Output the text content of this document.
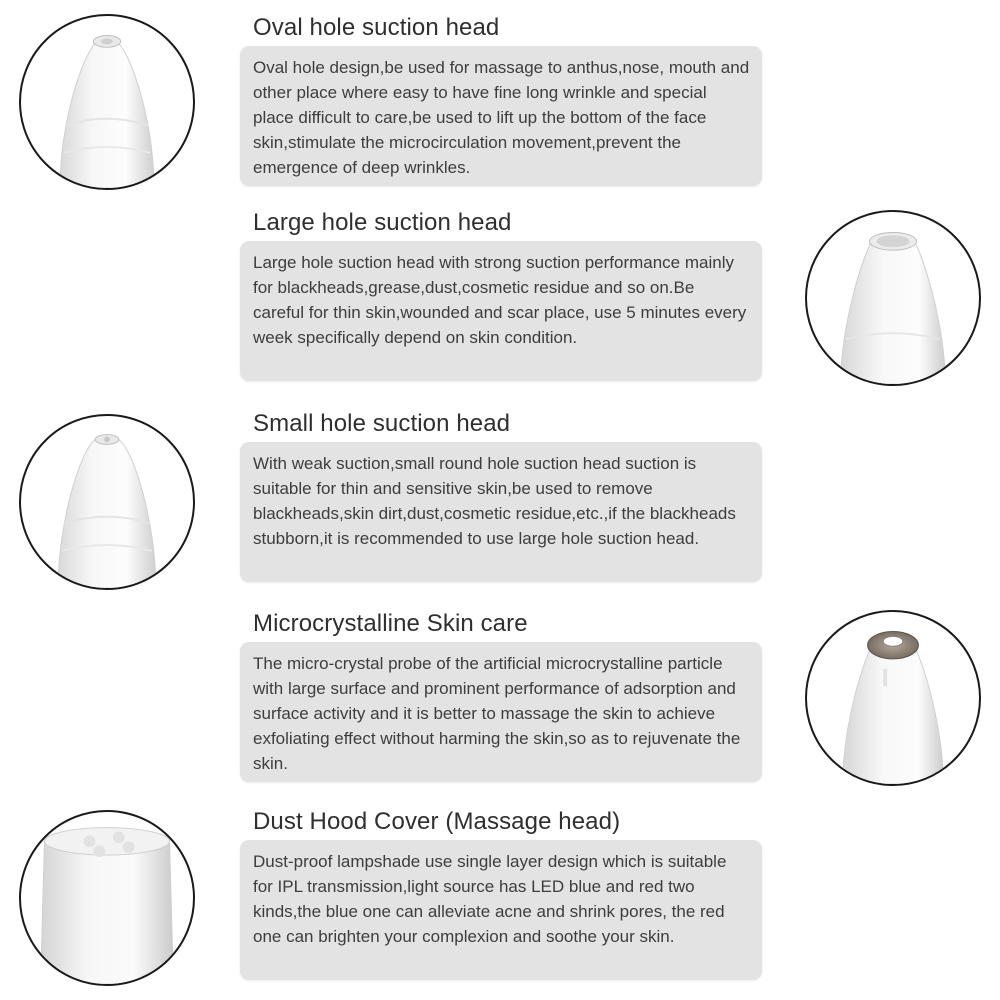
Oval hole suction head

Oval hole design,be used for massage to anthus,nose, mouth and other place where easy to have fine long wrinkle and special place difficult to care,be used to lift up the bottom of the face skin,stimulate the microcirculation movement,prevent the emergence of deep wrinkles.

Large hole suction head

Large hole suction head with strong suction performance mainly for blackheads,grease,dust,cosmetic residue and so on.Be careful for thin skin,wounded and scar place, use 5 minutes every week specifically depend on skin condition.

Small hole suction head

With weak suction,small round hole suction head suction is suitable for thin and sensitive skin,be used to remove blackheads,skin dirt,dust,cosmetic residue,etc.,if the blackheads stubborn,it is recommended to use large hole suction head.

Microcrystalline Skin care

The micro-crystal probe of the artificial microcrystalline particle with large surface and prominent performance of adsorption and surface activity and it is better to massage the skin to achieve exfoliating effect without harming the skin,so as to rejuvenate the skin.

Dust Hood Cover (Massage head)

Dust-proof lampshade use single layer design which is suitable for IPL transmission,light source has LED blue and red two kinds,the blue one can alleviate acne and shrink pores, the red one can brighten your complexion and soothe your skin.
